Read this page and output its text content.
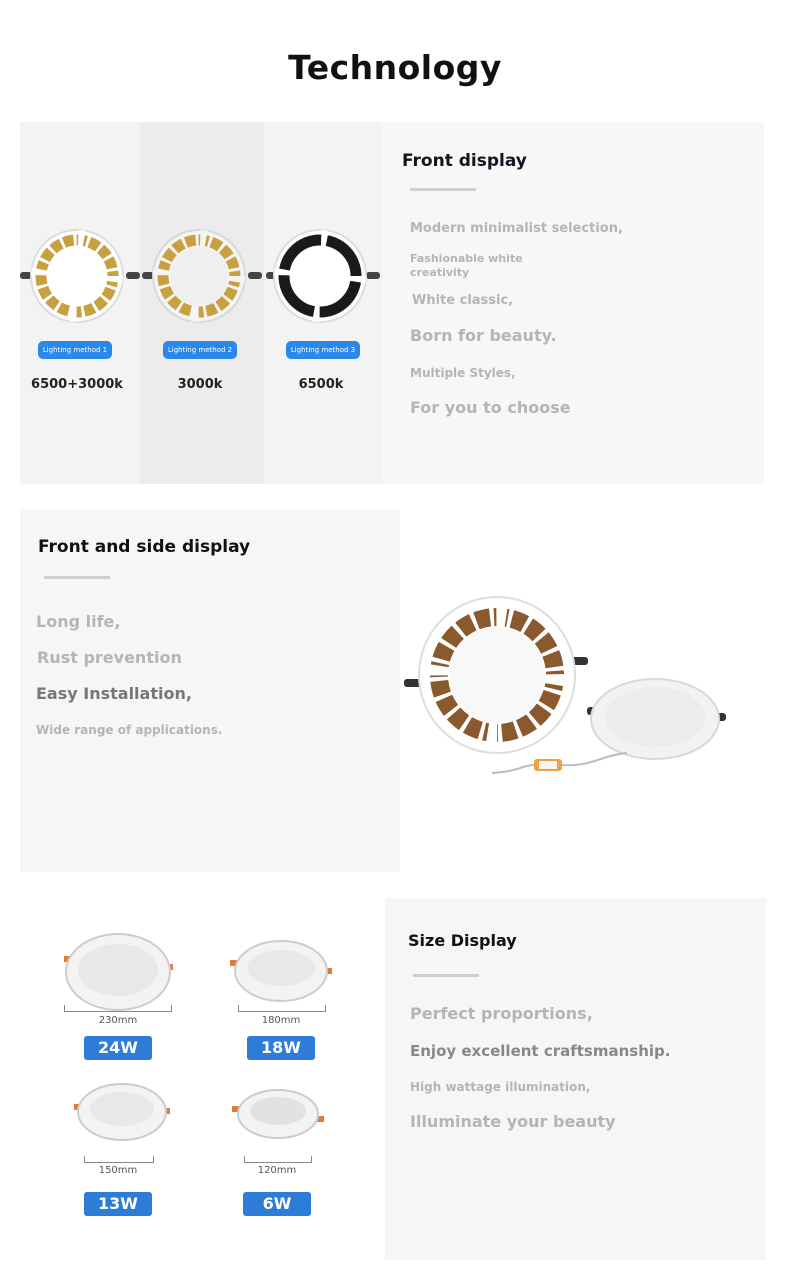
Technology
Lighting method 1
6500+3000k
Lighting method 2
3000k
Lighting method 3
6500k
Front display
Modern minimalist selection,
Fashionable white creativity
White classic,
Born for beauty.
Multiple Styles,
For you to choose
Front and side display
Long life,
Rust prevention
Easy Installation,
Wide range of applications.
230mm
24W
180mm
18W
150mm
13W
120mm
6W
Size Display
Perfect proportions,
Enjoy excellent craftsmanship.
High wattage illumination,
Illuminate your beauty
